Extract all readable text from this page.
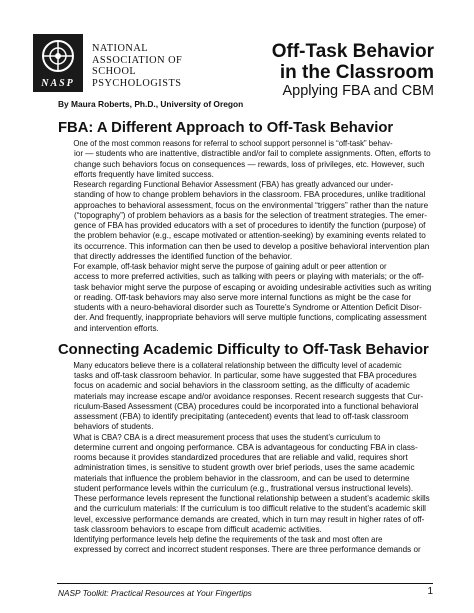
NASP
NATIONAL
ASSOCIATION OF
SCHOOL
PSYCHOLOGISTS
Off-Task Behavior
in the Classroom
Applying FBA and CBM
By Maura Roberts, Ph.D., University of Oregon
FBA: A Different Approach to Off-Task Behavior

One of the most common reasons for referral to school support personnel is “off-task” behav-
ior — students who are inattentive, distractible and/or fail to complete assignments. Often, efforts to
change such behaviors focus on consequences — rewards, loss of privileges, etc. However, such
efforts frequently have limited success.

Research regarding Functional Behavior Assessment (FBA) has greatly advanced our under-
standing of how to change problem behaviors in the classroom. FBA procedures, unlike traditional
approaches to behavioral assessment, focus on the environmental “triggers” rather than the nature
(“topography”) of problem behaviors as a basis for the selection of treatment strategies. The emer-
gence of FBA has provided educators with a set of procedures to identify the function (purpose) of
the problem behavior (e.g., escape motivated or attention-seeking) by examining events related to
its occurrence. This information can then be used to develop a positive behavioral intervention plan
that directly addresses the identified function of the behavior.

For example, off-task behavior might serve the purpose of gaining adult or peer attention or
access to more preferred activities, such as talking with peers or playing with materials; or the off-
task behavior might serve the purpose of escaping or avoiding undesirable activities such as writing
or reading. Off-task behaviors may also serve more internal functions as might be the case for
students with a neuro-behavioral disorder such as Tourette’s Syndrome or Attention Deficit Disor-
der. And frequently, inappropriate behaviors will serve multiple functions, complicating assessment
and intervention efforts.

Connecting Academic Difficulty to Off-Task Behavior

Many educators believe there is a collateral relationship between the difficulty level of academic
tasks and off-task classroom behavior. In particular, some have suggested that FBA procedures
focus on academic and social behaviors in the classroom setting, as the difficulty of academic
materials may increase escape and/or avoidance responses. Recent research suggests that Cur-
riculum-Based Assessment (CBA) procedures could be incorporated into a functional behavioral
assessment (FBA) to identify precipitating (antecedent) events that lead to off-task classroom
behaviors of students.

What is CBA? CBA is a direct measurement process that uses the student’s curriculum to
determine current and ongoing performance. CBA is advantageous for conducting FBA in class-
rooms because it provides standardized procedures that are reliable and valid, requires short
administration times, is sensitive to student growth over brief periods, uses the same academic
materials that influence the problem behavior in the classroom, and can be used to determine
student performance levels within the curriculum (e.g., frustrational versus instructional levels).
These performance levels represent the functional relationship between a student’s academic skills
and the curriculum materials: If the curriculum is too difficult relative to the student’s academic skill
level, excessive performance demands are created, which in turn may result in higher rates of off-
task classroom behaviors to escape from difficult academic activities.

Identifying performance levels help define the requirements of the task and most often are
expressed by correct and incorrect student responses. There are three performance demands or

NASP Toolkit: Practical Resources at Your Fingertips	1
